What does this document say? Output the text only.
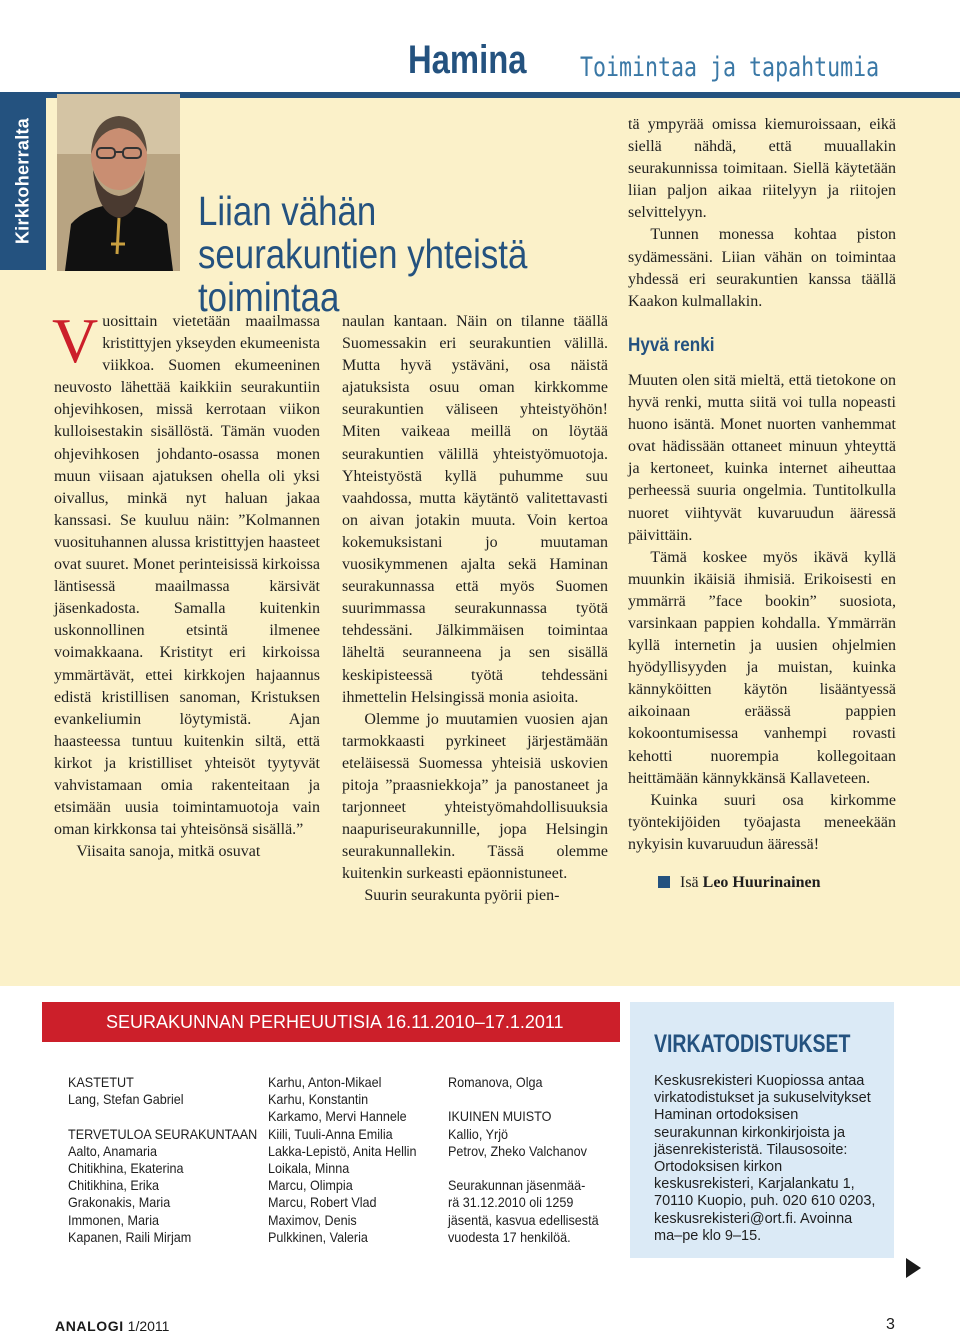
Hamina Toimintaa ja tapahtumia
Kirkkoherralta	Liian vähän seurakuntien yhteistä toimintaa

Vuosittain vietetään maailmassa kristittyjen ykseyden ekumeenista viikkoa. Suomen ekumeeninen neuvosto lähettää kaikkiin seurakuntiin ohjevihkosen, missä kerrotaan viikon kulloisestakin sisällöstä. Tämän vuoden ohjevihkosen johdanto-osassa monen muun viisaan ajatuksen ohella oli yksi oivallus, minkä nyt haluan jakaa kanssasi. Se kuuluu näin: ”Kolmannen vuosituhannen alussa kristittyjen haasteet ovat suuret. Monet perinteisissä kirkoissa läntisessä maailmassa kärsivät jäsenkadosta. Samalla kuitenkin uskonnollinen etsintä ilmenee voimakkaana. Kristityt eri kirkoissa ymmärtävät, ettei kirkkojen hajaannus edistä kristillisen sanoman, Kristuksen evankeliumin löytymistä. Ajan haasteessa tuntuu kuitenkin siltä, että kirkot ja kristilliset yhteisöt tyytyvät vahvistamaan omia rakenteitaan ja etsimään uusia toimintamuotoja vain oman kirkkonsa tai yhteisönsä sisällä.”

Viisaita sanoja, mitkä osuvat

naulan kantaan. Näin on tilanne täällä Suomessakin eri seurakuntien välillä. Mutta hyvä ystäväni, osa näistä ajatuksista osuu oman kirkkomme seurakuntien väliseen yhteistyöhön! Miten vaikeaa meillä on löytää seurakuntien välillä yhteistyömuotoja. Yhteistyöstä kyllä puhumme suu vaahdossa, mutta käytäntö valitettavasti on aivan jotakin muuta. Voin kertoa kokemuksistani jo muutaman vuosikymmenen ajalta sekä Haminan seurakunnassa että myös Suomen suurimmassa seurakunnassa työtä tehdessäni. Jälkimmäisen toimintaa läheltä seuranneena ja sen sisällä keskipisteessä työtä tehdessäni ihmettelin Helsingissä monia asioita.

Olemme jo muutamien vuosien ajan tarmokkaasti pyrkineet järjestämään eteläisessä Suomessa yhteisiä uskovien pitoja ”praasniekkoja” ja panostaneet ja tarjonneet yhteistyömahdollisuuksia naapuriseurakunnille, jopa Helsingin seurakunnallekin. Tässä olemme kuitenkin surkeasti epäonnistuneet.

Suurin seurakunta pyörii pien-

tä ympyrää omissa kiemuroissaan, eikä siellä nähdä, että muuallakin seurakunnissa toimitaan. Siellä käytetään liian paljon aikaa riitelyyn ja riitojen selvittelyyn.

Tunnen monessa kohtaa piston sydämessäni. Liian vähän on toimintaa yhdessä eri seurakuntien kanssa täällä Kaakon kulmallakin.

Hyvä renki

Muuten olen sitä mieltä, että tietokone on hyvä renki, mutta siitä voi tulla nopeasti huono isäntä. Monet nuorten vanhemmat ovat hädissään ottaneet minuun yhteyttä ja kertoneet, kuinka internet aiheuttaa perheessä suuria ongelmia. Tuntitolkulla nuoret viihtyvät kuvaruudun ääressä päivittäin.

Tämä koskee myös ikävä kyllä muunkin ikäisiä ihmisiä. Erikoisesti en ymmärrä ”face bookin” suosiota, varsinkaan pappien kohdalla. Ymmärrän kyllä internetin ja uusien ohjelmien hyödyllisyyden ja muistan, kuinka kännyköitten käytön lisääntyessä aikoinaan eräässä pappien kokoontumisessa vanhempi rovasti kehotti nuorempia kollegoitaan heittämään kännykkänsä Kallaveteen.

Kuinka suuri osa kirkomme työntekijöiden työajasta meneekään nykyisin kuvaruudun ääressä!

Isä Leo Huurinainen

SEURAKUNNAN PERHEUUTISIA 16.11.2010–17.1.2011
KASTETUT
Lang, Stefan Gabriel
TERVETULOA SEURAKUNTAAN
Aalto, Anamaria
Chitikhina, Ekaterina
Chitikhina, Erika
Grakonakis, Maria
Immonen, Maria
Kapanen, Raili Mirjam
Karhu, Anton-Mikael
Karhu, Konstantin
Karkamo, Mervi Hannele
Kiili, Tuuli-Anna Emilia
Lakka-Lepistö, Anita Hellin
Loikala, Minna
Marcu, Olimpia
Marcu, Robert Vlad
Maximov, Denis
Pulkkinen, Valeria
Romanova, Olga
IKUINEN MUISTO
Kallio, Yrjö
Petrov, Zheko Valchanov
Seurakunnan jäsenmää-
rä 31.12.2010 oli 1259
jäsentä, kasvua edellisestä
vuodesta 17 henkilöä.
VIRKATODISTUKSET
Keskusrekisteri Kuopiossa antaa virkatodistukset ja sukuselvitykset Haminan ortodoksisen seurakunnan kirkonkirjoista ja jäsenrekisteristä. Tilausosoite: Ortodoksisen kirkon keskusrekisteri, Karjalankatu 1, 70110 Kuopio, puh. 020 610 0203, keskusrekisteri@ort.fi. Avoinna ma–pe klo 9–15.
ANALOGI 1/2011	3
